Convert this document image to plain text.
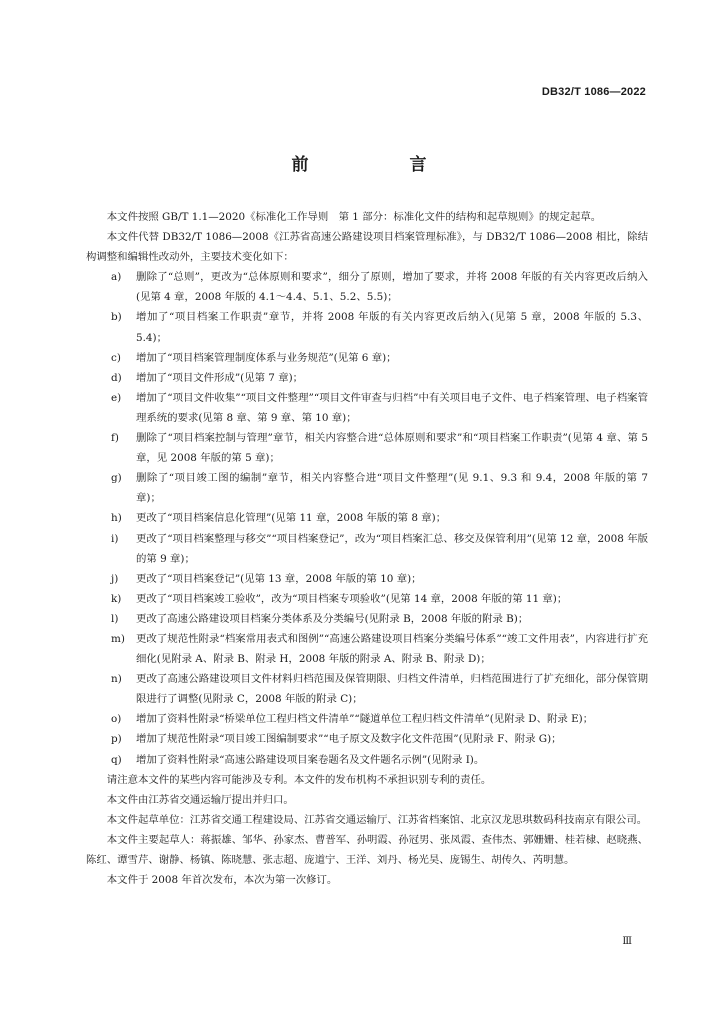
DB32/T 1086—2022
前　言

本文件按照 GB/T 1.1—2020《标准化工作导则　第 1 部分：标准化文件的结构和起草规则》的规定起草。

本文件代替 DB32/T 1086—2008《江苏省高速公路建设项目档案管理标准》，与 DB32/T 1086—2008 相比，除结构调整和编辑性改动外，主要技术变化如下：

a) 删除了“总则”，更改为“总体原则和要求”，细分了原则，增加了要求，并将 2008 年版的有关内容更改后纳入(见第 4 章，2008 年版的 4.1～4.4、5.1、5.2、5.5)；
b) 增加了“项目档案工作职责”章节，并将 2008 年版的有关内容更改后纳入(见第 5 章，2008 年版的 5.3、5.4)；
c) 增加了“项目档案管理制度体系与业务规范”(见第 6 章)；
d) 增加了“项目文件形成”(见第 7 章)；
e) 增加了“项目文件收集”“项目文件整理”“项目文件审查与归档”中有关项目电子文件、电子档案管理、电子档案管理系统的要求(见第 8 章、第 9 章、第 10 章)；
f) 删除了“项目档案控制与管理”章节，相关内容整合进“总体原则和要求”和“项目档案工作职责”(见第 4 章、第 5 章，见 2008 年版的第 5 章)；
g) 删除了“项目竣工图的编制”章节，相关内容整合进“项目文件整理”(见 9.1、9.3 和 9.4，2008 年版的第 7 章)；
h) 更改了“项目档案信息化管理”(见第 11 章，2008 年版的第 8 章)；
i) 更改了“项目档案整理与移交”“项目档案登记”，改为“项目档案汇总、移交及保管利用”(见第 12 章，2008 年版的第 9 章)；
j) 更改了“项目档案登记”(见第 13 章，2008 年版的第 10 章)；
k) 更改了“项目档案竣工验收”，改为“项目档案专项验收”(见第 14 章，2008 年版的第 11 章)；
l) 更改了高速公路建设项目档案分类体系及分类编号(见附录 B，2008 年版的附录 B)；
m) 更改了规范性附录“档案常用表式和图例”“高速公路建设项目档案分类编号体系”“竣工文件用表”，内容进行扩充细化(见附录 A、附录 B、附录 H，2008 年版的附录 A、附录 B、附录 D)；
n) 更改了高速公路建设项目文件材料归档范围及保管期限、归档文件清单，归档范围进行了扩充细化，部分保管期限进行了调整(见附录 C，2008 年版的附录 C)；
o) 增加了资料性附录“桥梁单位工程归档文件清单”“隧道单位工程归档文件清单”(见附录 D、附录 E)；
p) 增加了规范性附录“项目竣工图编制要求”“电子原文及数字化文件范围”(见附录 F、附录 G)；
q) 增加了资料性附录“高速公路建设项目案卷题名及文件题名示例”(见附录 I)。

请注意本文件的某些内容可能涉及专利。本文件的发布机构不承担识别专利的责任。

本文件由江苏省交通运输厅提出并归口。

本文件起草单位：江苏省交通工程建设局、江苏省交通运输厅、江苏省档案馆、北京汉龙思琪数码科技南京有限公司。

本文件主要起草人：蒋振雄、邹华、孙家杰、曹普军、孙明霞、孙冠男、张凤霞、查伟杰、郭姗姗、桂若棣、赵晓燕、陈红、谭雪芹、谢静、杨镇、陈晓慧、张志超、庞道宁、王洋、刘丹、杨光昊、庞锡生、胡传久、芮明慧。

本文件于 2008 年首次发布，本次为第一次修订。

Ⅲ
